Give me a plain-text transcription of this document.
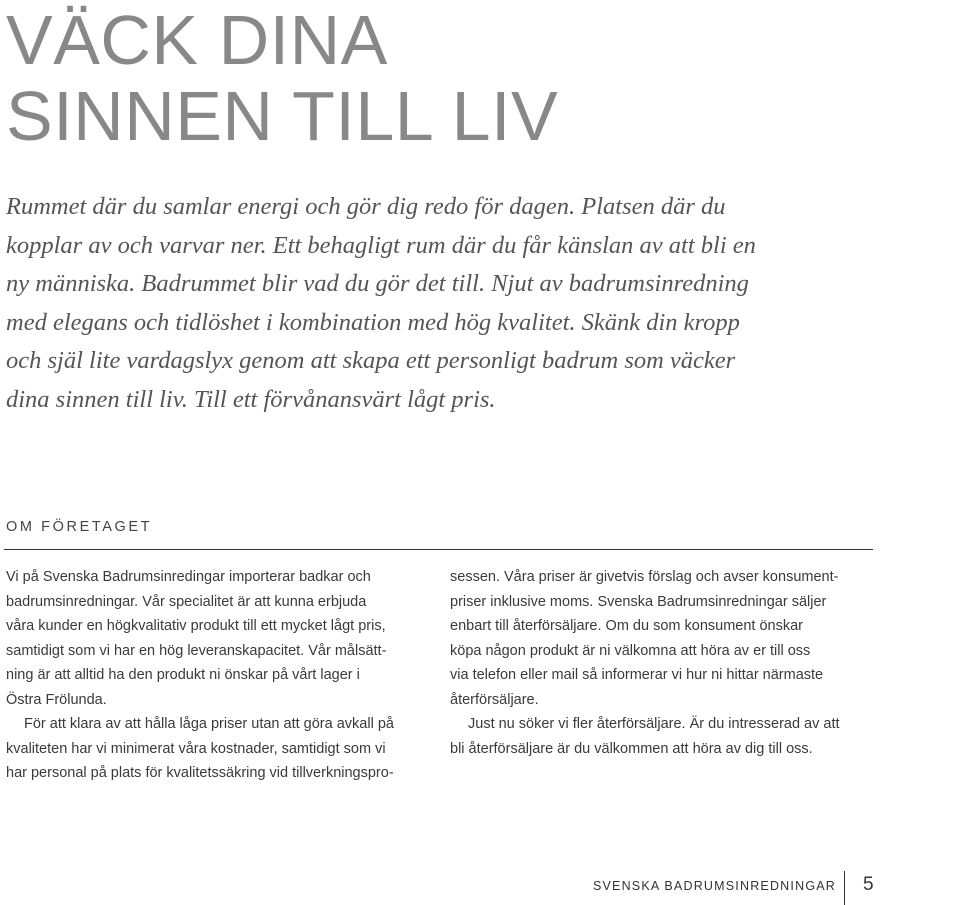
VÄCK DINA
SINNEN TILL LIV

Rummet där du samlar energi och gör dig redo för dagen. Platsen där du
kopplar av och varvar ner. Ett behagligt rum där du får känslan av att bli en
ny människa. Badrummet blir vad du gör det till. Njut av badrumsinredning
med elegans och tidlöshet i kombination med hög kvalitet. Skänk din kropp
och själ lite vardagslyx genom att skapa ett personligt badrum som väcker
dina sinnen till liv. Till ett förvånansvärt lågt pris.

OM FÖRETAGET

Vi på Svenska Badrumsinredingar importerar badkar och
badrumsinredningar. Vår specialitet är att kunna erbjuda
våra kunder en högkvalitativ produkt till ett mycket lågt pris,
samtidigt som vi har en hög leveranskapacitet. Vår målsätt-
ning är att alltid ha den produkt ni önskar på vårt lager i
Östra Frölunda.

För att klara av att hålla låga priser utan att göra avkall på
kvaliteten har vi minimerat våra kostnader, samtidigt som vi
har personal på plats för kvalitetssäkring vid tillverkningspro-

sessen. Våra priser är givetvis förslag och avser konsument-
priser inklusive moms. Svenska Badrumsinredningar säljer
enbart till återförsäljare. Om du som konsument önskar
köpa någon produkt är ni välkomna att höra av er till oss
via telefon eller mail så informerar vi hur ni hittar närmaste
återförsäljare.

Just nu söker vi fler återförsäljare. Är du intresserad av att
bli återförsäljare är du välkommen att höra av dig till oss.

SVENSKA BADRUMSINREDNINGAR 5
